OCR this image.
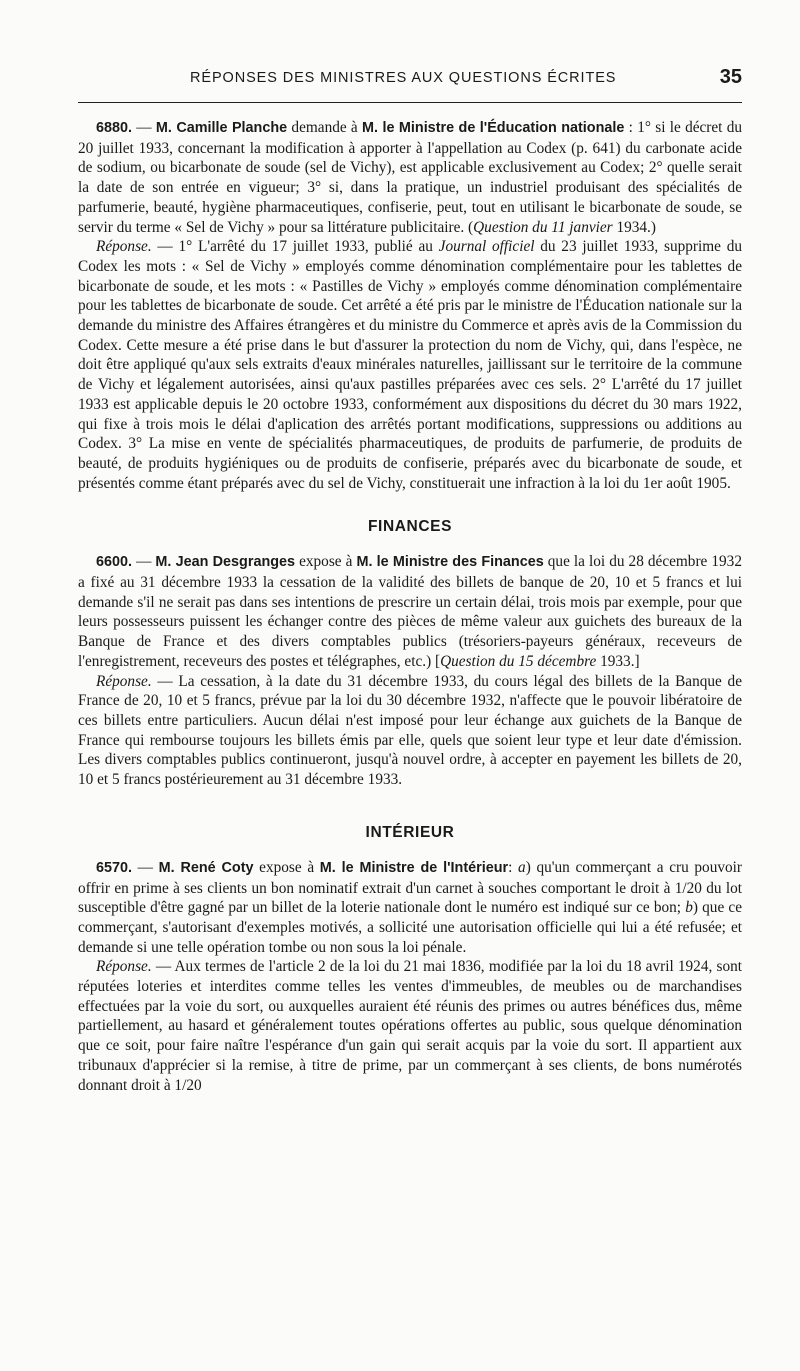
RÉPONSES DES MINISTRES AUX QUESTIONS ÉCRITES	35

6880. — M. Camille Planche demande à M. le Ministre de l'Éducation nationale : 1° si le décret du 20 juillet 1933, concernant la modification à apporter à l'appellation au Codex (p. 641) du carbonate acide de sodium, ou bicarbonate de soude (sel de Vichy), est applicable exclusivement au Codex; 2° quelle serait la date de son entrée en vigueur; 3° si, dans la pratique, un industriel produisant des spécialités de parfumerie, beauté, hygiène pharmaceutiques, confiserie, peut, tout en utilisant le bicarbonate de soude, se servir du terme « Sel de Vichy » pour sa littérature publicitaire. (Question du 11 janvier 1934.)

Réponse. — 1° L'arrêté du 17 juillet 1933, publié au Journal officiel du 23 juillet 1933, supprime du Codex les mots : « Sel de Vichy » employés comme dénomination complémentaire pour les tablettes de bicarbonate de soude, et les mots : « Pastilles de Vichy » employés comme dénomination complémentaire pour les tablettes de bicarbonate de soude. Cet arrêté a été pris par le ministre de l'Éducation nationale sur la demande du ministre des Affaires étrangères et du ministre du Commerce et après avis de la Commission du Codex. Cette mesure a été prise dans le but d'assurer la protection du nom de Vichy, qui, dans l'espèce, ne doit être appliqué qu'aux sels extraits d'eaux minérales naturelles, jaillissant sur le territoire de la commune de Vichy et légalement autorisées, ainsi qu'aux pastilles préparées avec ces sels. 2° L'arrêté du 17 juillet 1933 est applicable depuis le 20 octobre 1933, conformément aux dispositions du décret du 30 mars 1922, qui fixe à trois mois le délai d'aplication des arrêtés portant modifications, suppressions ou additions au Codex. 3° La mise en vente de spécialités pharmaceutiques, de produits de parfumerie, de produits de beauté, de produits hygiéniques ou de produits de confiserie, préparés avec du bicarbonate de soude, et présentés comme étant préparés avec du sel de Vichy, constituerait une infraction à la loi du 1er août 1905.

FINANCES

6600. — M. Jean Desgranges expose à M. le Ministre des Finances que la loi du 28 décembre 1932 a fixé au 31 décembre 1933 la cessation de la validité des billets de banque de 20, 10 et 5 francs et lui demande s'il ne serait pas dans ses intentions de prescrire un certain délai, trois mois par exemple, pour que leurs possesseurs puissent les échanger contre des pièces de même valeur aux guichets des bureaux de la Banque de France et des divers comptables publics (trésoriers-payeurs généraux, receveurs de l'enregistrement, receveurs des postes et télégraphes, etc.) [Question du 15 décembre 1933.]

Réponse. — La cessation, à la date du 31 décembre 1933, du cours légal des billets de la Banque de France de 20, 10 et 5 francs, prévue par la loi du 30 décembre 1932, n'affecte que le pouvoir libératoire de ces billets entre particuliers. Aucun délai n'est imposé pour leur échange aux guichets de la Banque de France qui rembourse toujours les billets émis par elle, quels que soient leur type et leur date d'émission. Les divers comptables publics continueront, jusqu'à nouvel ordre, à accepter en payement les billets de 20, 10 et 5 francs postérieurement au 31 décembre 1933.

INTÉRIEUR

6570. — M. René Coty expose à M. le Ministre de l'Intérieur: a) qu'un commerçant a cru pouvoir offrir en prime à ses clients un bon nominatif extrait d'un carnet à souches comportant le droit à 1/20 du lot susceptible d'être gagné par un billet de la loterie nationale dont le numéro est indiqué sur ce bon; b) que ce commerçant, s'autorisant d'exemples motivés, a sollicité une autorisation officielle qui lui a été refusée; et demande si une telle opération tombe ou non sous la loi pénale.

Réponse. — Aux termes de l'article 2 de la loi du 21 mai 1836, modifiée par la loi du 18 avril 1924, sont réputées loteries et interdites comme telles les ventes d'immeubles, de meubles ou de marchandises effectuées par la voie du sort, ou auxquelles auraient été réunis des primes ou autres bénéfices dus, même partiellement, au hasard et généralement toutes opérations offertes au public, sous quelque dénomination que ce soit, pour faire naître l'espérance d'un gain qui serait acquis par la voie du sort. Il appartient aux tribunaux d'apprécier si la remise, à titre de prime, par un commerçant à ses clients, de bons numérotés donnant droit à 1/20
